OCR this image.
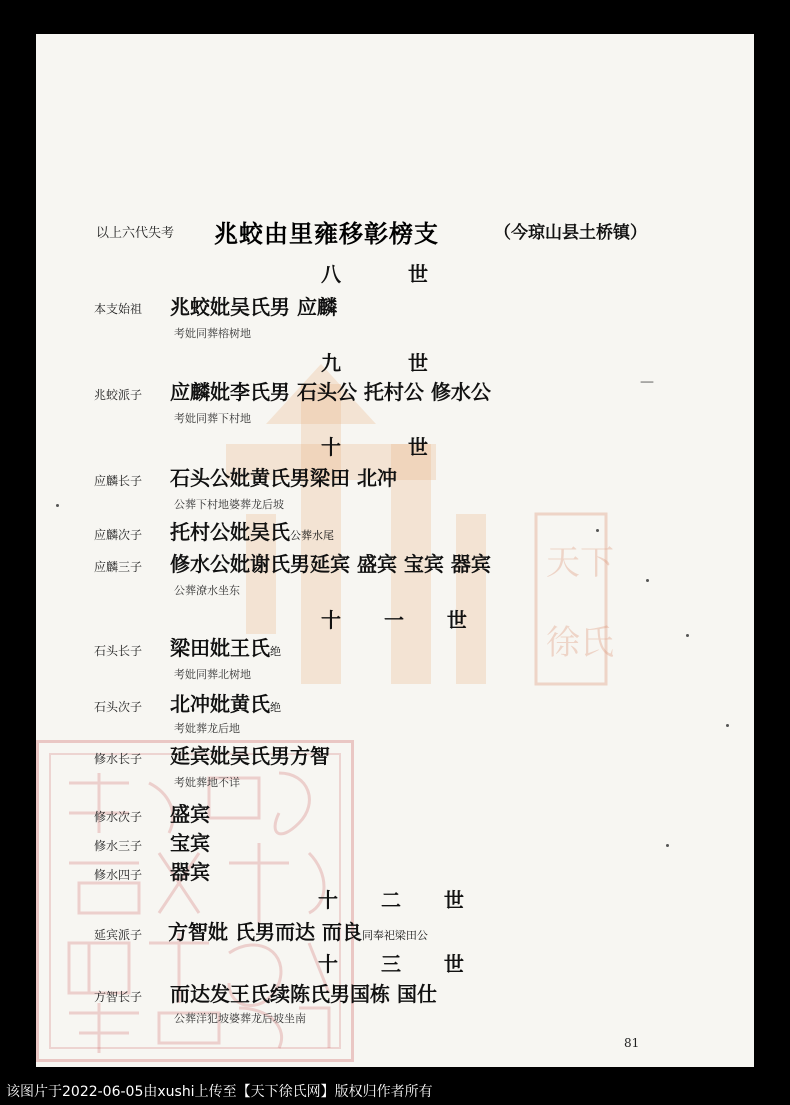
天下
徐氏
以上六代失考 兆蛟由里雍移彰榜支	（今琼山县土桥镇）
八 世
本支始祖 兆蛟妣吴氏男 应麟
考妣同葬榕树地
九 世
兆蛟派子 应麟妣李氏男 石头公 托村公 修水公	—
考妣同葬下村地
十 世
应麟长子 石头公妣黄氏男梁田 北冲
公葬下村地婆葬龙后坡
应麟次子 托村公妣吴氏公葬水尾
应麟三子 修水公妣谢氏男延宾 盛宾 宝宾 器宾
公葬潦水坐东
十 一 世
石头长子 梁田妣王氏绝
考妣同葬北树地
石头次子 北冲妣黄氏绝
考妣葬龙后地
修水长子 延宾妣吴氏男方智
考妣葬地不详
修水次子 盛宾
修水三子 宝宾
修水四子 器宾
十 二 世
延宾派子 方智妣 氏男而达 而良同奉祀梁田公
十 三 世
方智长子 而达发王氏续陈氏男国栋 国仕
公葬洋犯坡婆葬龙后坡坐南
81
该图片于2022-06-05由xushi上传至【天下徐氏网】版权归作者所有
